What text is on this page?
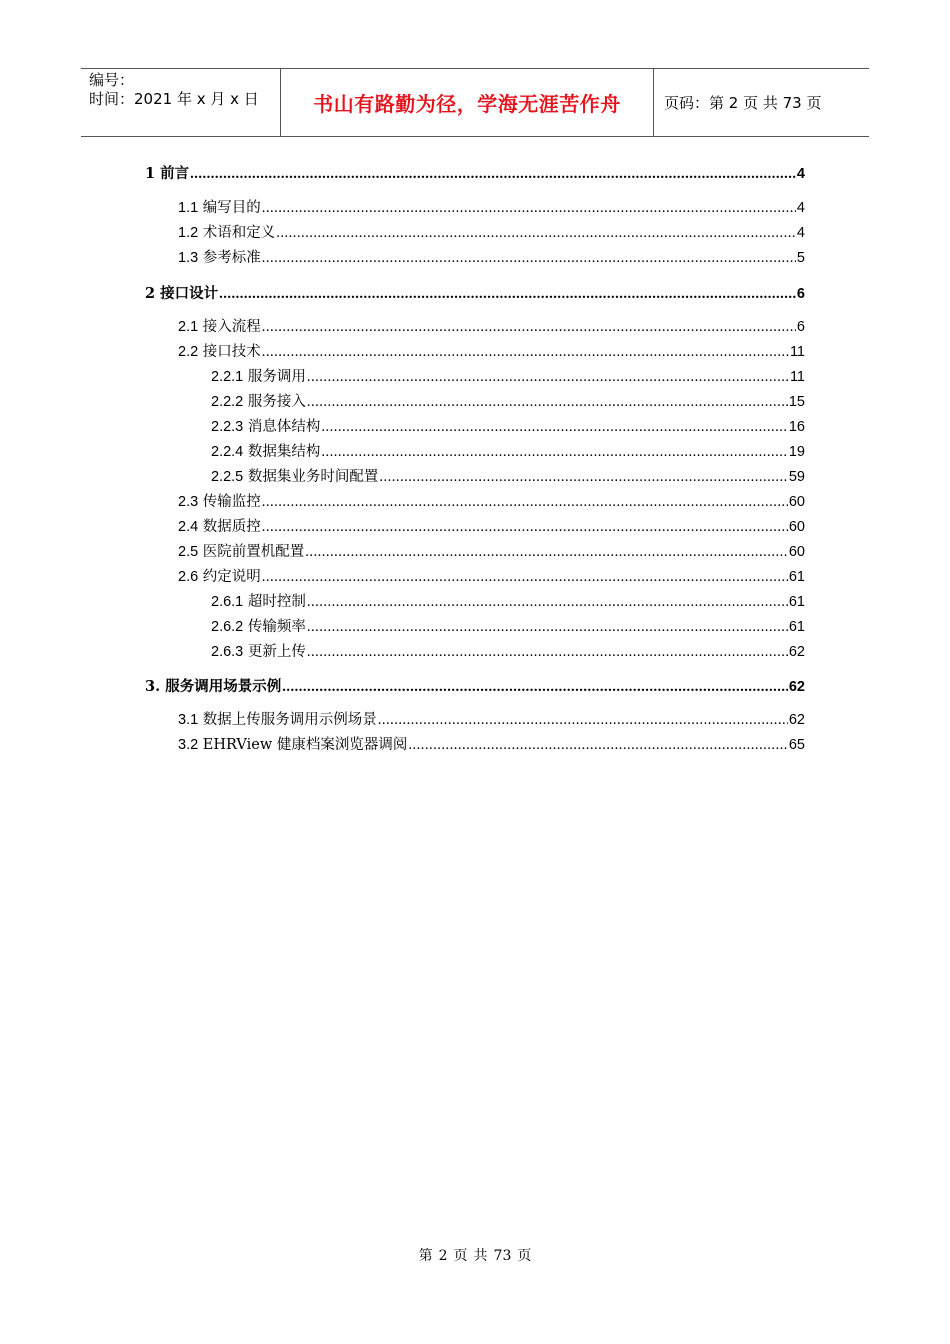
编号：
时间：2021 年 x 月 x 日	书山有路勤为径，学海无涯苦作舟	页码：第 2 页 共 73 页
1 前言 .....	4
1.1 编写目的 .....	4
1.2 术语和定义 .....	4
1.3 参考标准 .....	5
2 接口设计 .....	6
2.1 接入流程 .....	6
2.2 接口技术 .....	11
2.2.1 服务调用 .....	11
2.2.2 服务接入 .....	15
2.2.3 消息体结构 .....	16
2.2.4 数据集结构 .....	19
2.2.5 数据集业务时间配置 .....	59
2.3 传输监控 .....	60
2.4 数据质控 .....	60
2.5 医院前置机配置 .....	60
2.6 约定说明 .....	61
2.6.1 超时控制 .....	61
2.6.2 传输频率 .....	61
2.6.3 更新上传 .....	62
3. 服务调用场景示例 .....	62
3.1 数据上传服务调用示例场景 .....	62
3.2 EHRView 健康档案浏览器调阅 .....	65
第 2 页 共 73 页
